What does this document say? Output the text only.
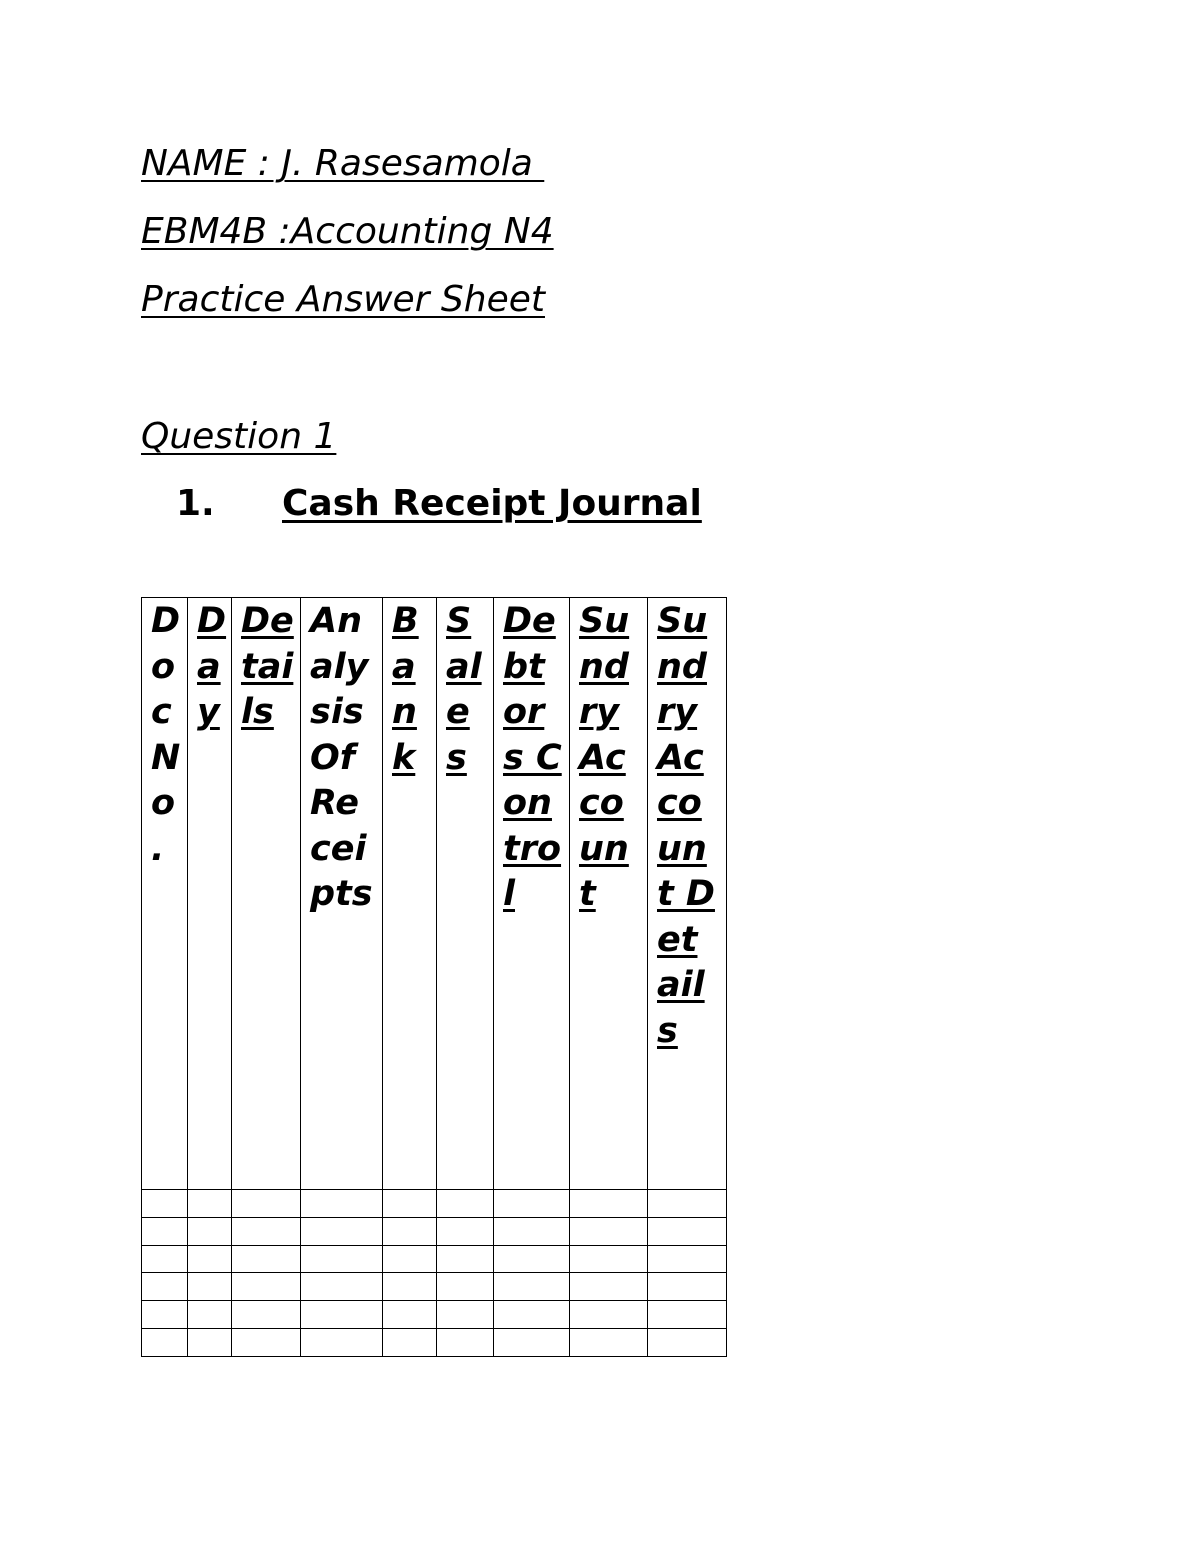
NAME : J. Rasesamola

EBM4B :Accounting N4

Practice Answer Sheet

Question 1

1. Cash Receipt Journal
Doc No.	Day	Details	Analysis Of Receipts	Bank	Sales	Debtors Control	Sundry Account	Sundry Account Details
